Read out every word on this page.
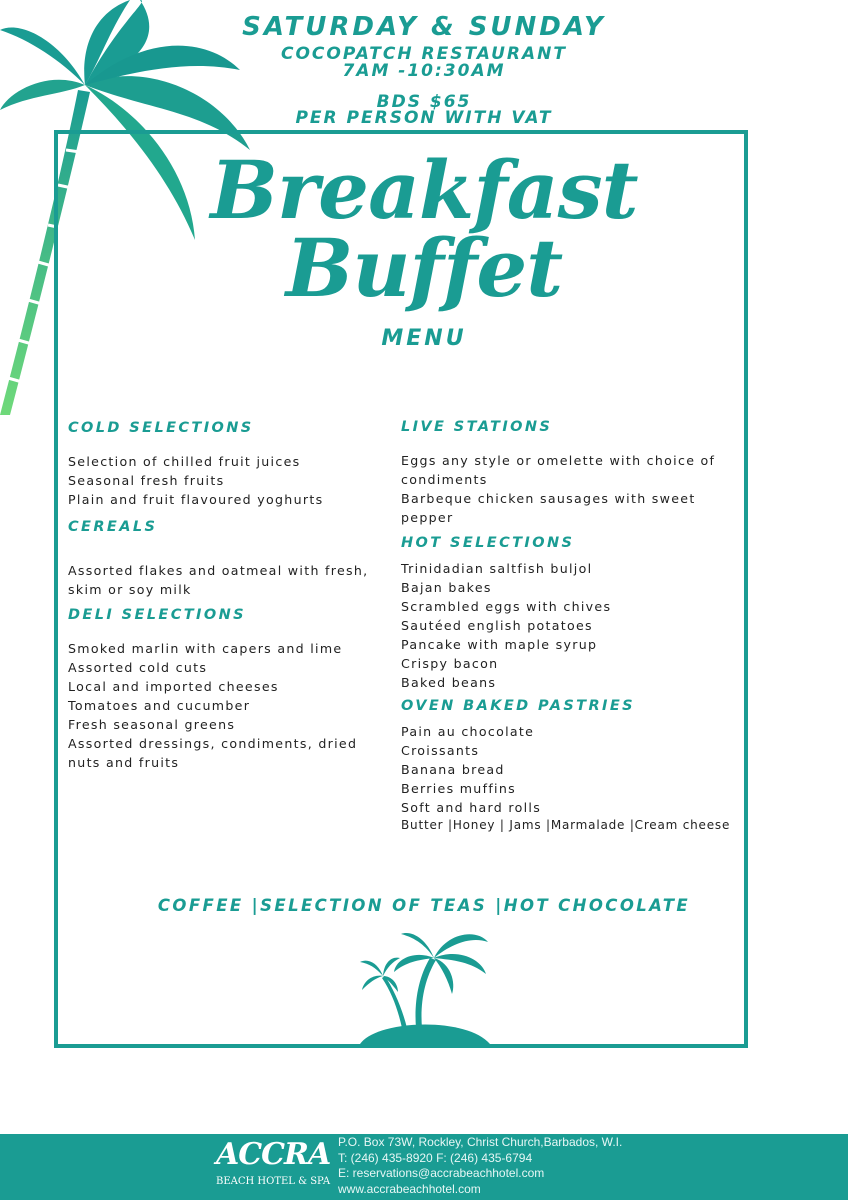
SATURDAY & SUNDAY
COCOPATCH RESTAURANT
7AM -10:30AM
BDS $65
PER PERSON WITH VAT
Breakfast
Buffet
MENU
COLD SELECTIONS
Selection of chilled fruit juices
Seasonal fresh fruits
Plain and fruit flavoured yoghurts
CEREALS
Assorted flakes and oatmeal with fresh,
skim or soy milk
DELI SELECTIONS
Smoked marlin with capers and lime
Assorted cold cuts
Local and imported cheeses
Tomatoes and cucumber
Fresh seasonal greens
Assorted dressings, condiments, dried
nuts and fruits
LIVE STATIONS
Eggs any style or omelette with choice of
condiments
Barbeque chicken sausages with sweet pepper
HOT SELECTIONS
Trinidadian saltfish buljol
Bajan bakes
Scrambled eggs with chives
Sautéed english potatoes
Pancake with maple syrup
Crispy bacon
Baked beans
OVEN BAKED PASTRIES
Pain au chocolate
Croissants
Banana bread
Berries muffins
Soft and hard rolls
Butter |Honey | Jams |Marmalade |Cream cheese
COFFEE |SELECTION OF TEAS |HOT CHOCOLATE
ACCRA
BEACH HOTEL & SPA
P.O. Box 73W, Rockley, Christ Church,Barbados, W.I.
T: (246) 435-8920 F: (246) 435-6794
E: reservations@accrabeachhotel.com
www.accrabeachhotel.com
